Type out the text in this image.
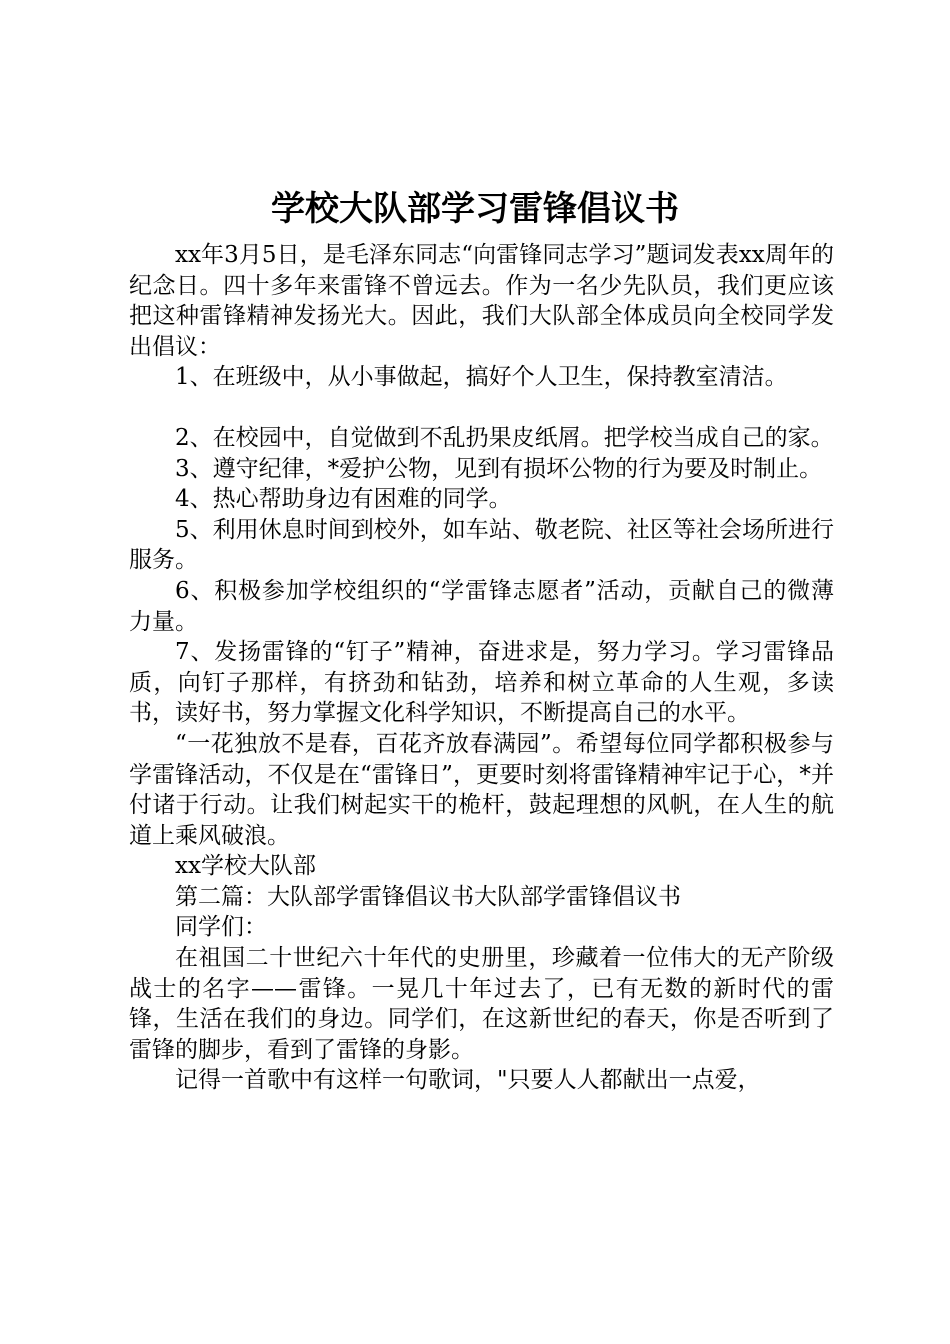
学校大队部学习雷锋倡议书

xx年3月5日，是毛泽东同志“向雷锋同志学习”题词发表xx周年的纪念日。四十多年来雷锋不曾远去。作为一名少先队员，我们更应该把这种雷锋精神发扬光大。因此，我们大队部全体成员向全校同学发出倡议：

1、在班级中，从小事做起，搞好个人卫生，保持教室清洁。

2、在校园中，自觉做到不乱扔果皮纸屑。把学校当成自己的家。

3、遵守纪律，*爱护公物，见到有损坏公物的行为要及时制止。

4、热心帮助身边有困难的同学。

5、利用休息时间到校外，如车站、敬老院、社区等社会场所进行服务。

6、积极参加学校组织的“学雷锋志愿者”活动，贡献自己的微薄力量。

7、发扬雷锋的“钉子”精神，奋进求是，努力学习。学习雷锋品质，向钉子那样，有挤劲和钻劲，培养和树立革命的人生观，多读书，读好书，努力掌握文化科学知识，不断提高自己的水平。

“一花独放不是春，百花齐放春满园”。希望每位同学都积极参与学雷锋活动，不仅是在“雷锋日”，更要时刻将雷锋精神牢记于心，*并付诸于行动。让我们树起实干的桅杆，鼓起理想的风帆，在人生的航道上乘风破浪。

xx学校大队部

第二篇：大队部学雷锋倡议书大队部学雷锋倡议书

同学们：

在祖国二十世纪六十年代的史册里，珍藏着一位伟大的无产阶级战士的名字——雷锋。一晃几十年过去了，已有无数的新时代的雷锋，生活在我们的身边。同学们，在这新世纪的春天，你是否听到了雷锋的脚步，看到了雷锋的身影。

记得一首歌中有这样一句歌词，"只要人人都献出一点爱，
